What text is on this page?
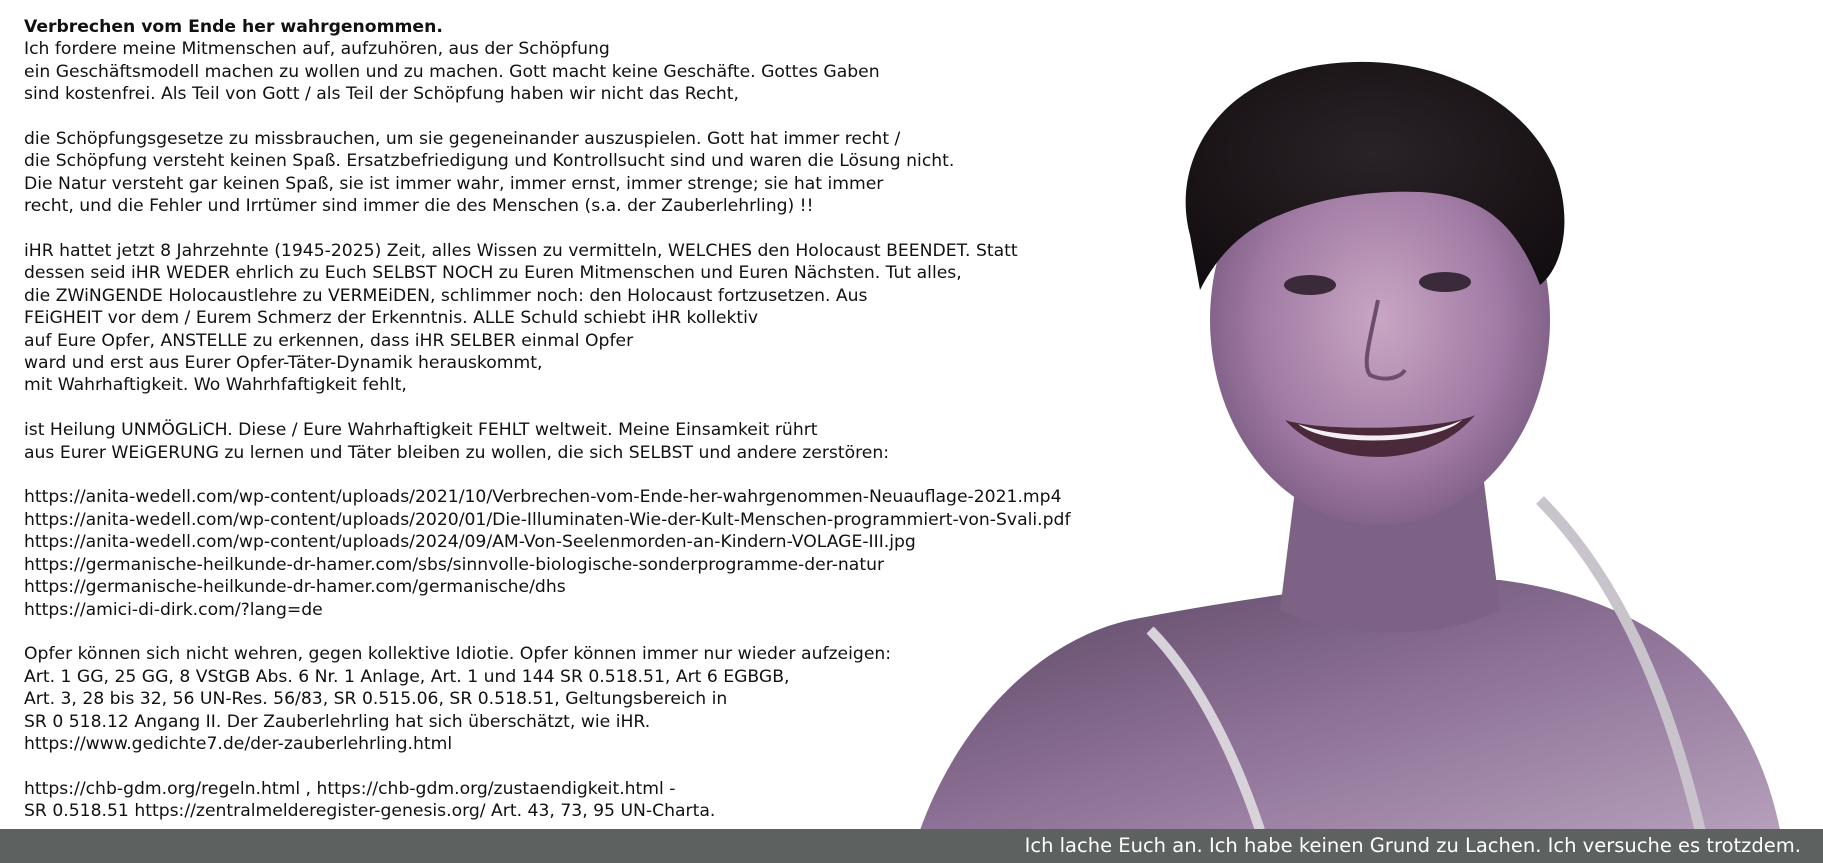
Verbrechen vom Ende her wahrgenommen.
Ich fordere meine Mitmenschen auf, aufzuhören, aus der Schöpfung
ein Geschäftsmodell machen zu wollen und zu machen. Gott macht keine Geschäfte. Gottes Gaben
sind kostenfrei. Als Teil von Gott / als Teil der Schöpfung haben wir nicht das Recht,
die Schöpfungsgesetze zu missbrauchen, um sie gegeneinander auszuspielen. Gott hat immer recht /
die Schöpfung versteht keinen Spaß. Ersatzbefriedigung und Kontrollsucht sind und waren die Lösung nicht.
Die Natur versteht gar keinen Spaß, sie ist immer wahr, immer ernst, immer strenge; sie hat immer
recht, und die Fehler und Irrtümer sind immer die des Menschen (s.a. der Zauberlehrling) !!
iHR hattet jetzt 8 Jahrzehnte (1945-2025) Zeit, alles Wissen zu vermitteln, WELCHES den Holocaust BEENDET. Statt
dessen seid iHR WEDER ehrlich zu Euch SELBST NOCH zu Euren Mitmenschen und Euren Nächsten. Tut alles,
die ZWiNGENDE Holocaustlehre zu VERMEiDEN, schlimmer noch: den Holocaust fortzusetzen. Aus
FEiGHEIT vor dem / Eurem Schmerz der Erkenntnis. ALLE Schuld schiebt iHR kollektiv
auf Eure Opfer, ANSTELLE zu erkennen, dass iHR SELBER einmal Opfer
ward und erst aus Eurer Opfer-Täter-Dynamik herauskommt,
mit Wahrhaftigkeit. Wo Wahrhfaftigkeit fehlt,
ist Heilung UNMÖGLiCH. Diese / Eure Wahrhaftigkeit FEHLT weltweit. Meine Einsamkeit rührt
aus Eurer WEiGERUNG zu lernen und Täter bleiben zu wollen, die sich SELBST und andere zerstören:
https://anita-wedell.com/wp-content/uploads/2021/10/Verbrechen-vom-Ende-her-wahrgenommen-Neuauflage-2021.mp4
https://anita-wedell.com/wp-content/uploads/2020/01/Die-Illuminaten-Wie-der-Kult-Menschen-programmiert-von-Svali.pdf
https://anita-wedell.com/wp-content/uploads/2024/09/AM-Von-Seelenmorden-an-Kindern-VOLAGE-III.jpg
https://germanische-heilkunde-dr-hamer.com/sbs/sinnvolle-biologische-sonderprogramme-der-natur
https://germanische-heilkunde-dr-hamer.com/germanische/dhs
https://amici-di-dirk.com/?lang=de
Opfer können sich nicht wehren, gegen kollektive Idiotie. Opfer können immer nur wieder aufzeigen:
Art. 1 GG, 25 GG, 8 VStGB Abs. 6 Nr. 1 Anlage, Art. 1 und 144 SR 0.518.51, Art 6 EGBGB,
Art. 3, 28 bis 32, 56 UN-Res. 56/83, SR 0.515.06, SR 0.518.51, Geltungsbereich in
SR 0 518.12 Angang II. Der Zauberlehrling hat sich überschätzt, wie iHR.
https://www.gedichte7.de/der-zauberlehrling.html
https://chb-gdm.org/regeln.html , https://chb-gdm.org/zustaendigkeit.html -
SR 0.518.51 https://zentralmelderegister-genesis.org/ Art. 43, 73, 95 UN-Charta.
Ich lache Euch an. Ich habe keinen Grund zu Lachen. Ich versuche es trotzdem.
